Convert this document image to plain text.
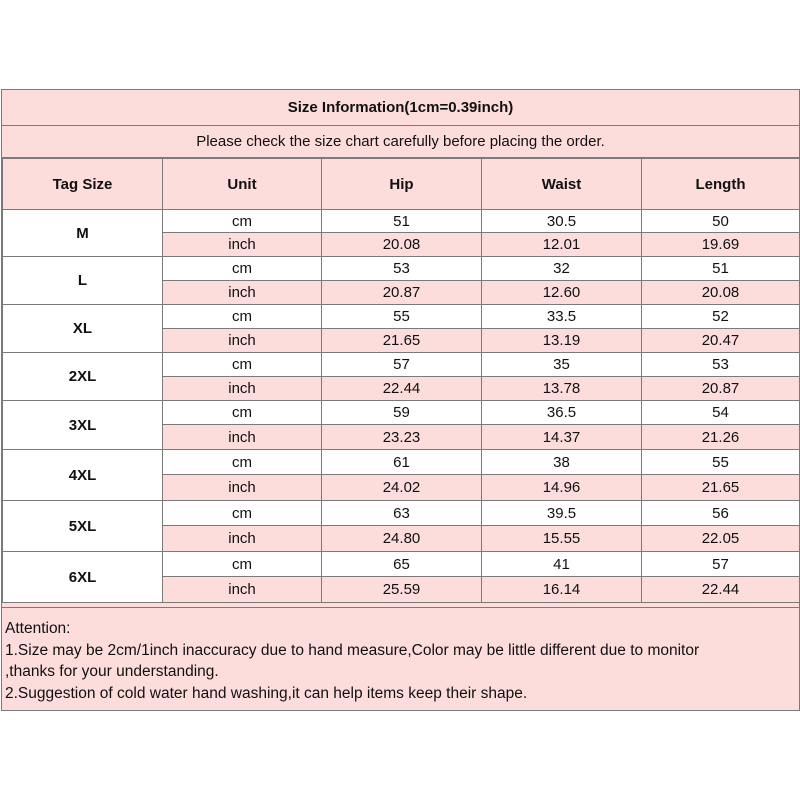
Size Information(1cm=0.39inch)
Please check the size chart carefully before placing the order.
Tag Size	Unit	Hip	Waist	Length
M	cm	51	30.5	50
	inch	20.08	12.01	19.69
L	cm	53	32	51
	inch	20.87	12.60	20.08
XL	cm	55	33.5	52
	inch	21.65	13.19	20.47
2XL	cm	57	35	53
	inch	22.44	13.78	20.87
3XL	cm	59	36.5	54
	inch	23.23	14.37	21.26
4XL	cm	61	38	55
	inch	24.02	14.96	21.65
5XL	cm	63	39.5	56
	inch	24.80	15.55	22.05
6XL	cm	65	41	57
	inch	25.59	16.14	22.44
Attention:
1.Size may be 2cm/1inch inaccuracy due to hand measure,Color may be little different due to monitor
,thanks for your understanding.
2.Suggestion of cold water hand washing,it can help items keep their shape.
